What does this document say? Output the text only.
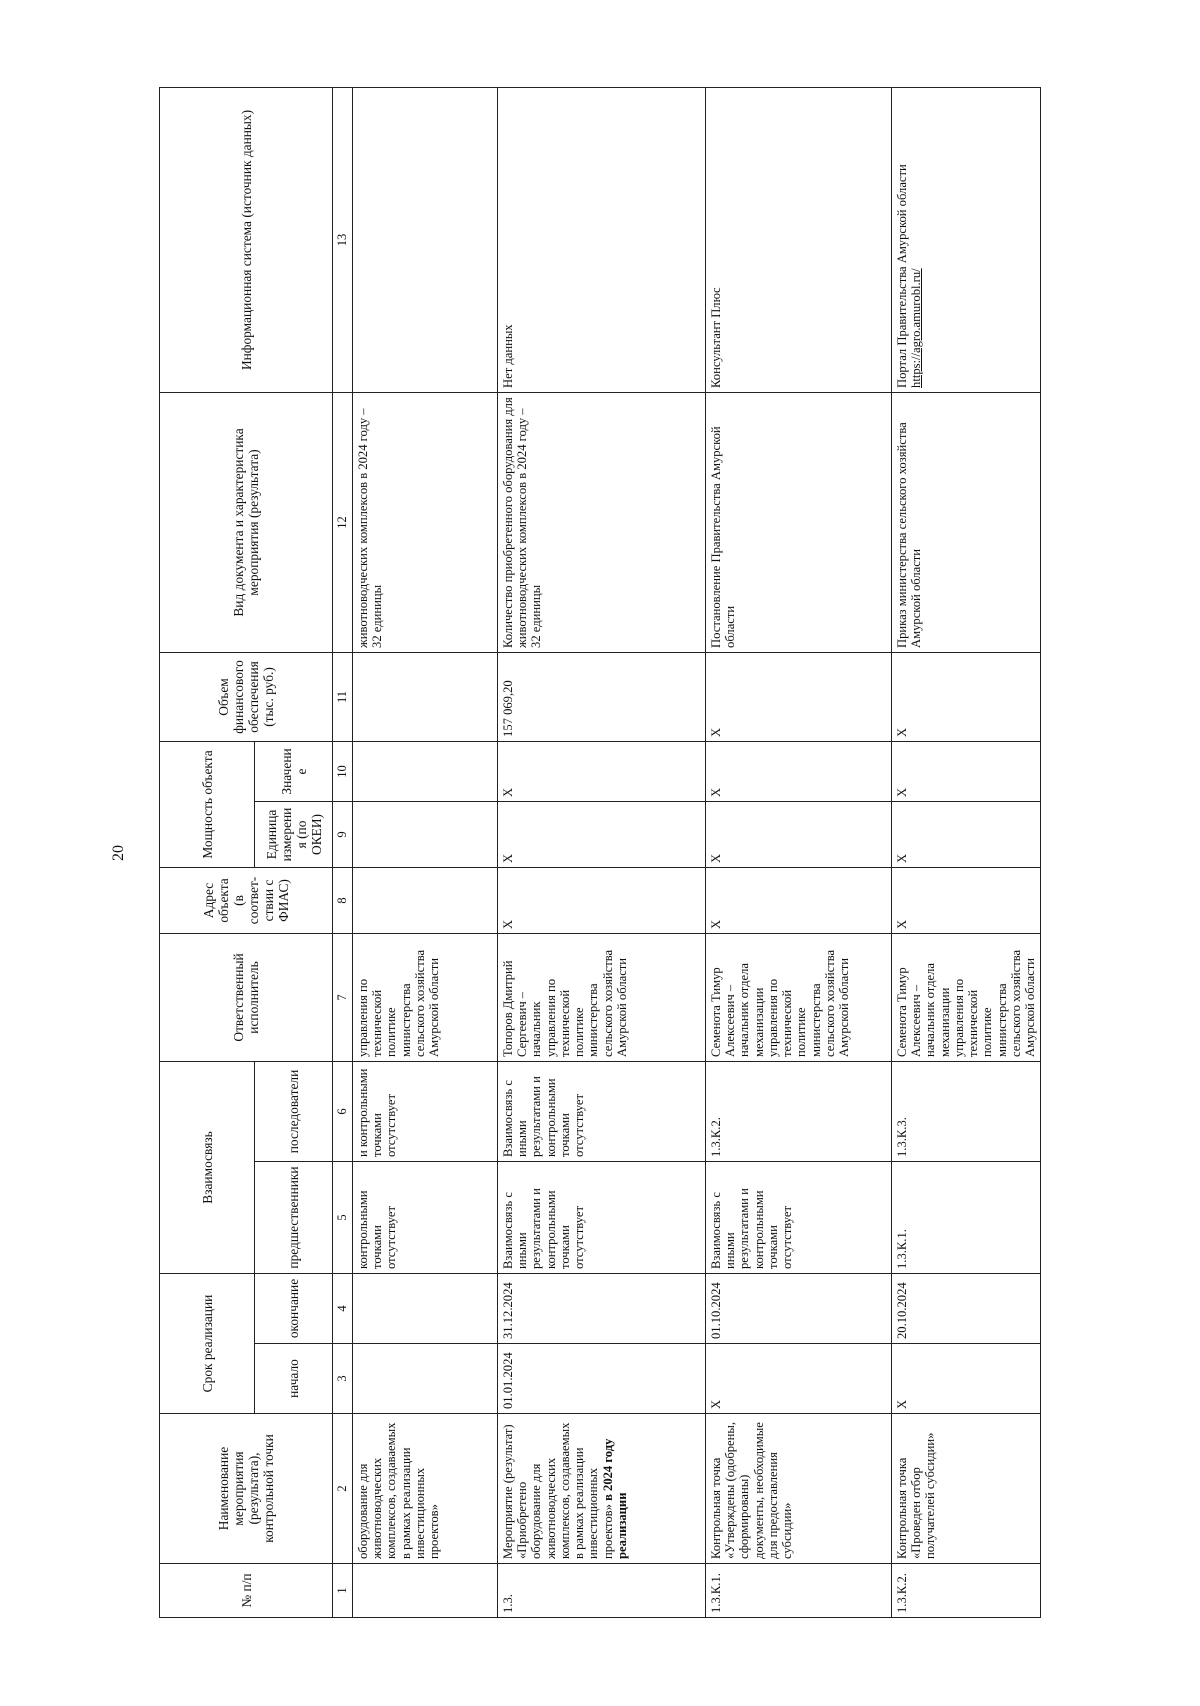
20
№ п/п	Наименование мероприятия (результата), контрольной точки	Срок реализации		Взаимосвязь		Ответственный исполнитель	Адрес объекта (в соответ-ствии с ФИАС)	Мощность объекта		Объем финансового обеспечения (тыс. руб.)	Вид документа и характеристика мероприятия (результата)	Информационная система (источник данных)
		начало	окончание	предшественники	последователи			Единица измерения (по ОКЕИ)	Значение			
1	2	3	4	5	6	7	8	9	10	11	12	13
	оборудование для животноводческих комплексов, создаваемых в рамках реализации инвестиционных проектов»			контрольными точками отсутствует	и контрольными точками отсутствует	управления по технической политике министерства сельского хозяйства Амурской области					животноводческих комплексов в 2024 году – 32 единицы	
1.3.	Мероприятие (результат) «Приобретено оборудование для животноводческих комплексов, создаваемых в рамках реализации инвестиционных проектов» в 2024 году реализации	01.01.2024	31.12.2024	Взаимосвязь с иными результатами и контрольными точками отсутствует	Взаимосвязь с иными результатами и контрольными точками отсутствует	Топоров Дмитрий Сергеевич – начальник управления по технической политике министерства сельского хозяйства Амурской области	X	X	X	157 069,20	Количество приобретенного оборудования для животноводческих комплексов в 2024 году – 32 единицы	Нет данных
1.3.К.1.	Контрольная точка «Утверждены (одобрены, сформированы) документы, необходимые для предоставления субсидии»	X	01.10.2024	Взаимосвязь с иными результатами и контрольными точками отсутствует	1.3.К.2.	Семенота Тимур Алексеевич – начальник отдела механизации управления по технической политике министерства сельского хозяйства Амурской области	X	X	X	X	Постановление Правительства Амурской области	Консультант Плюс
1.3.К.2.	Контрольная точка «Проведен отбор получателей субсидии»	X	20.10.2024	1.3.К.1.	1.3.К.3.	Семенота Тимур Алексеевич – начальник отдела механизации управления по технической политике министерства сельского хозяйства Амурской области	X	X	X	X	Приказ министерства сельского хозяйства Амурской области	Портал Правительства Амурской области https://agro.amurobl.ru/
